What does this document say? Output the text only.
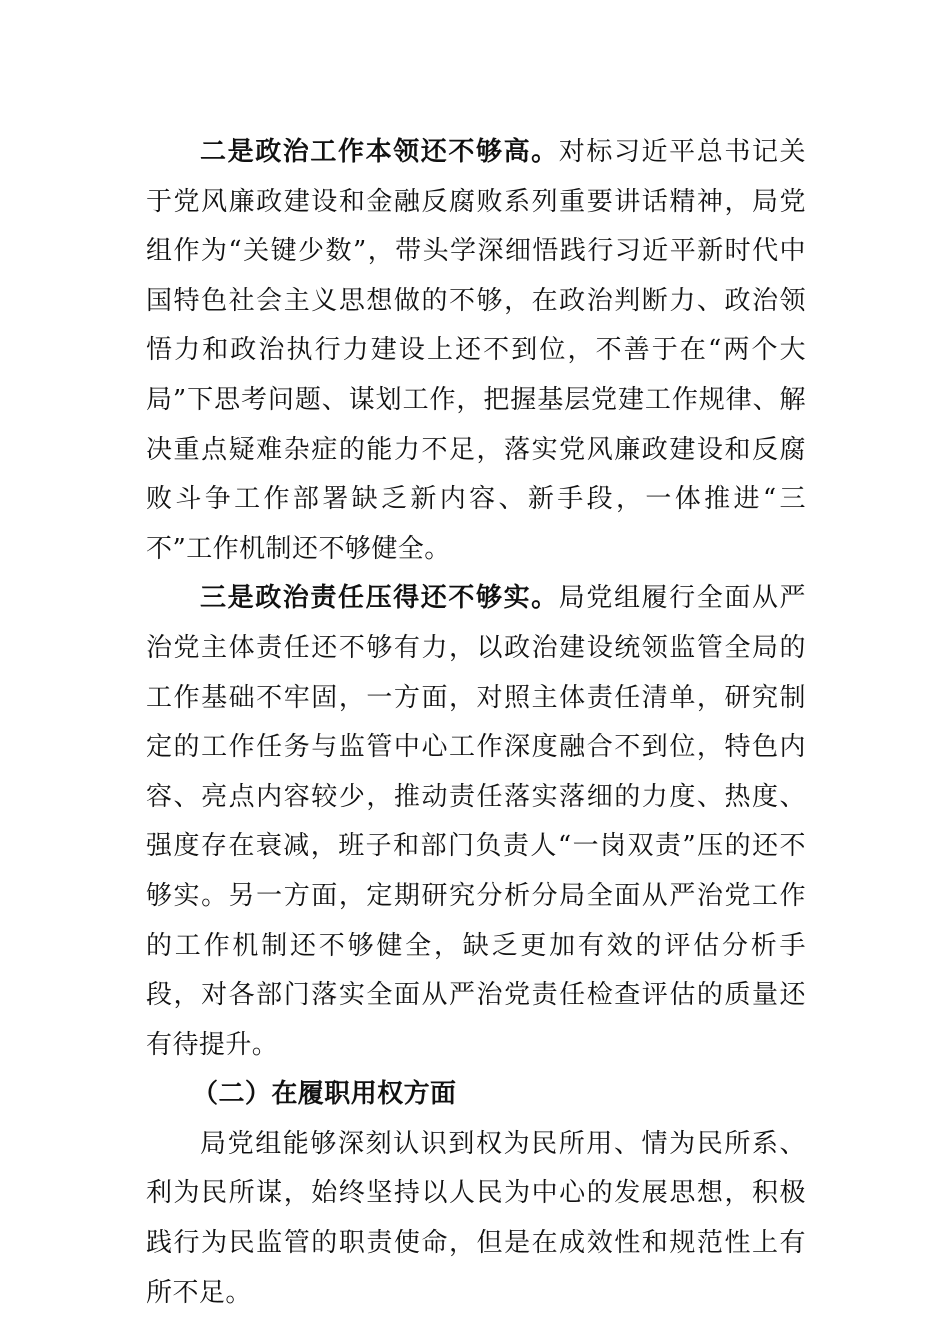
二是政治工作本领还不够高。对标习近平总书记关于党风廉政建设和金融反腐败系列重要讲话精神，局党组作为“关键少数”，带头学深细悟践行习近平新时代中国特色社会主义思想做的不够，在政治判断力、政治领悟力和政治执行力建设上还不到位，不善于在“两个大局”下思考问题、谋划工作，把握基层党建工作规律、解决重点疑难杂症的能力不足，落实党风廉政建设和反腐败斗争工作部署缺乏新内容、新手段，一体推进“三不”工作机制还不够健全。

三是政治责任压得还不够实。局党组履行全面从严治党主体责任还不够有力，以政治建设统领监管全局的工作基础不牢固，一方面，对照主体责任清单，研究制定的工作任务与监管中心工作深度融合不到位，特色内容、亮点内容较少，推动责任落实落细的力度、热度、强度存在衰减，班子和部门负责人“一岗双责”压的还不够实。另一方面，定期研究分析分局全面从严治党工作的工作机制还不够健全，缺乏更加有效的评估分析手段，对各部门落实全面从严治党责任检查评估的质量还有待提升。

（二）在履职用权方面

局党组能够深刻认识到权为民所用、情为民所系、利为民所谋，始终坚持以人民为中心的发展思想，积极践行为民监管的职责使命，但是在成效性和规范性上有所不足。
